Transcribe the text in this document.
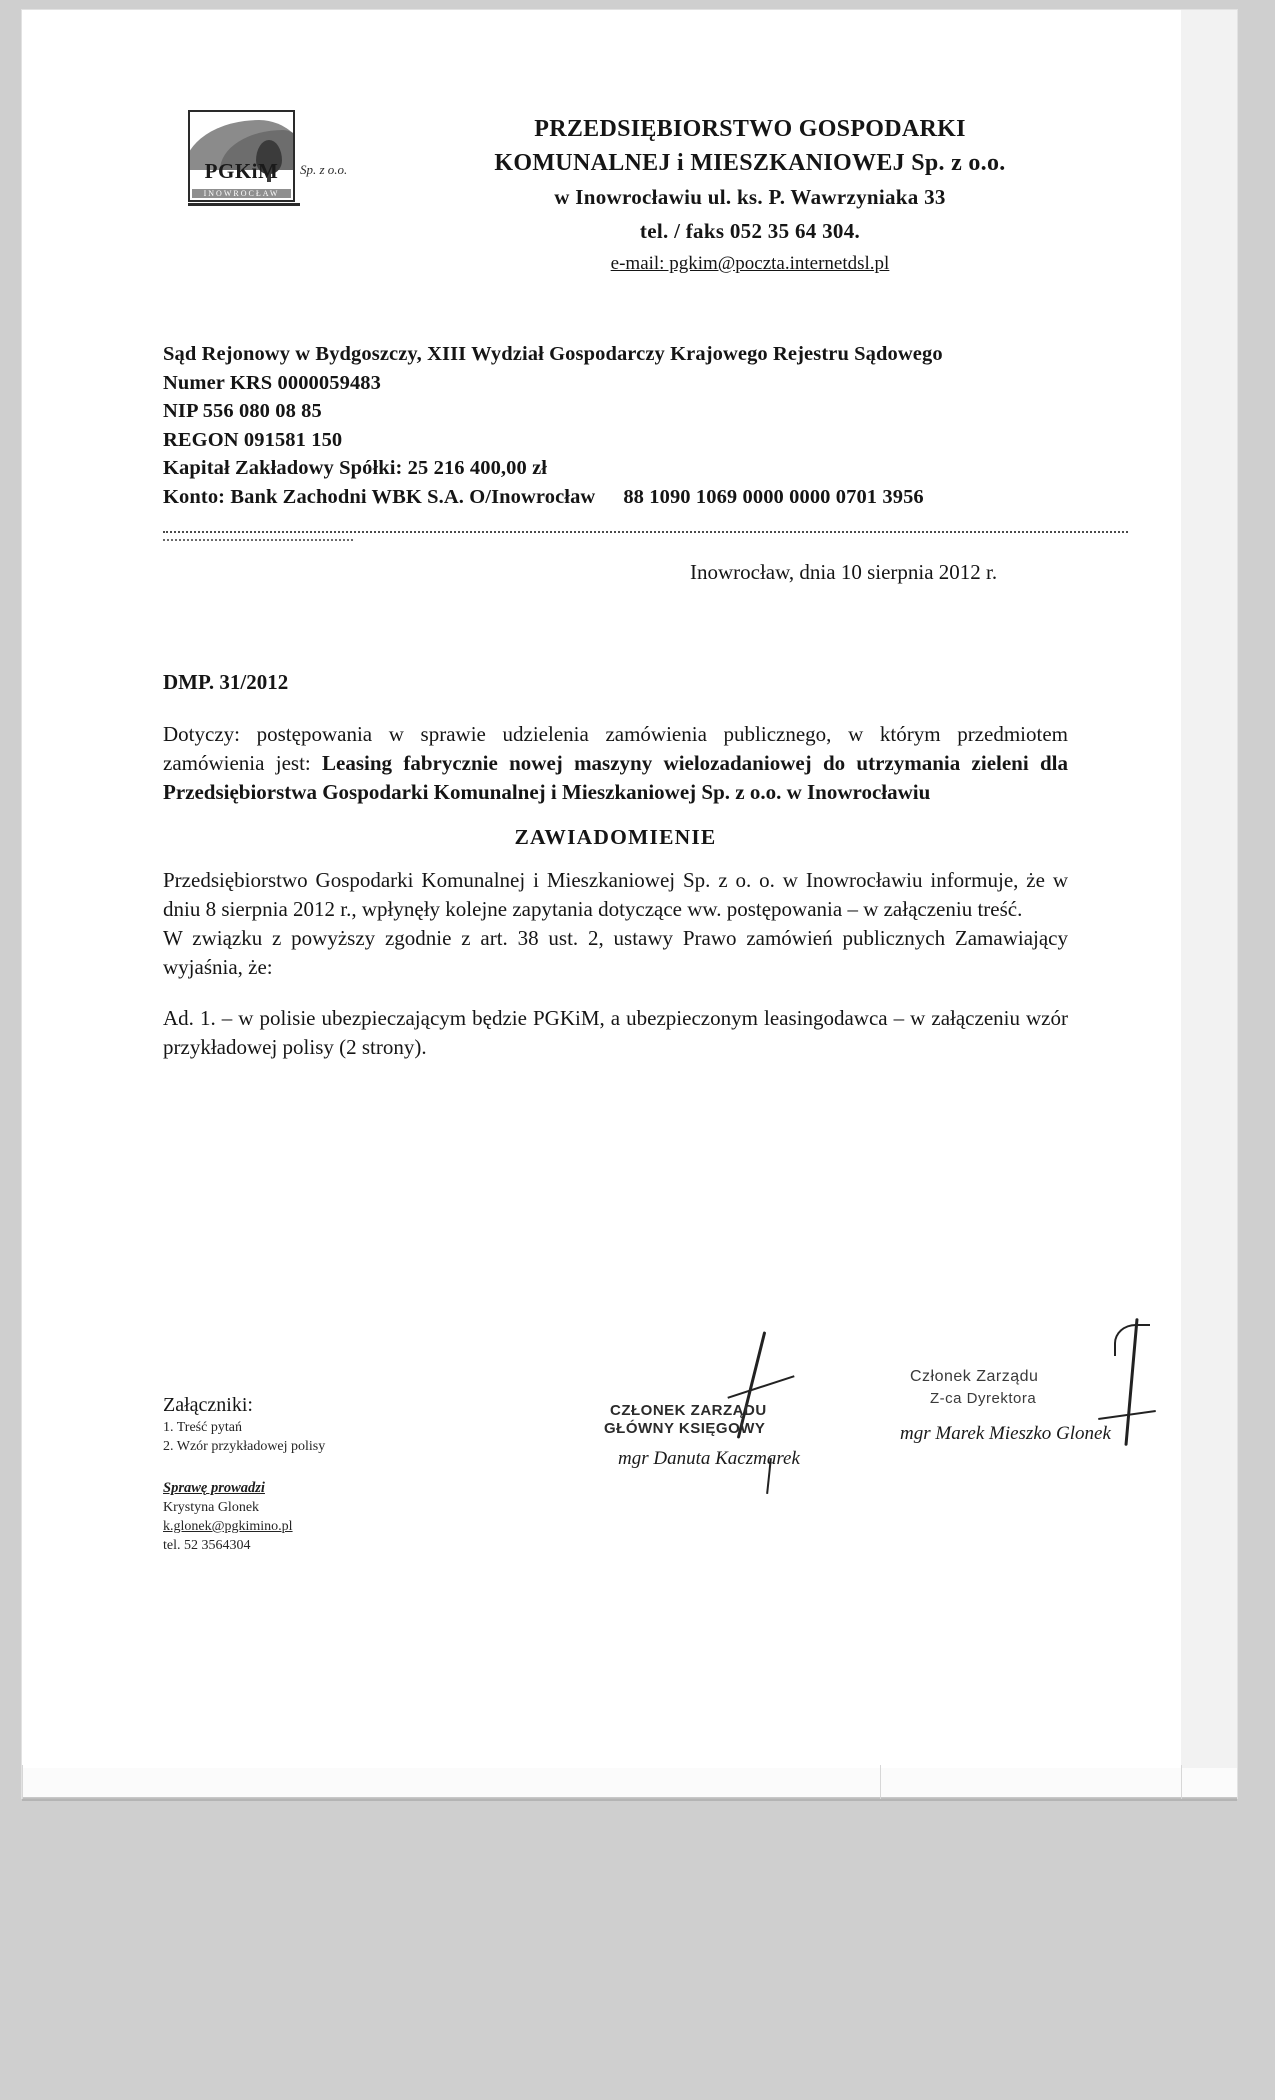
PGKiM
INOWROCŁAW
Sp. z o.o.
PRZEDSIĘBIORSTWO GOSPODARKI
KOMUNALNEJ i MIESZKANIOWEJ Sp. z o.o.
w Inowrocławiu ul. ks. P. Wawrzyniaka 33
tel. / faks 052 35 64 304.
e-mail: pgkim@poczta.internetdsl.pl
Sąd Rejonowy w Bydgoszczy, XIII Wydział Gospodarczy Krajowego Rejestru Sądowego
Numer KRS 0000059483
NIP 556 080 08 85
REGON 091581 150
Kapitał Zakładowy Spółki: 25 216 400,00 zł
Konto: Bank Zachodni WBK S.A. O/Inowrocław 88 1090 1069 0000 0000 0701 3956
Inowrocław, dnia 10 sierpnia 2012 r.
DMP. 31/2012

Dotyczy: postępowania w sprawie udzielenia zamówienia publicznego, w którym przedmiotem zamówienia jest: Leasing fabrycznie nowej maszyny wielozadaniowej do utrzymania zieleni dla Przedsiębiorstwa Gospodarki Komunalnej i Mieszkaniowej Sp. z o.o. w Inowrocławiu

ZAWIADOMIENIE

Przedsiębiorstwo Gospodarki Komunalnej i Mieszkaniowej Sp. z o. o. w Inowrocławiu informuje, że w dniu 8 sierpnia 2012 r., wpłynęły kolejne zapytania dotyczące ww. postępowania – w załączeniu treść.

W związku z powyższy zgodnie z art. 38 ust. 2, ustawy Prawo zamówień publicznych Zamawiający wyjaśnia, że:

Ad. 1. – w polisie ubezpieczającym będzie PGKiM, a ubezpieczonym leasingodawca – w załączeniu wzór przykładowej polisy (2 strony).

CZŁONEK ZARZĄDU
GŁÓWNY KSIĘGOWY
mgr Danuta Kaczmarek
Członek Zarządu
Z-ca Dyrektora
mgr Marek Mieszko Glonek
Załączniki:
1. Treść pytań
2. Wzór przykładowej polisy
Sprawę prowadzi
Krystyna Glonek
k.glonek@pgkimino.pl
tel. 52 3564304
